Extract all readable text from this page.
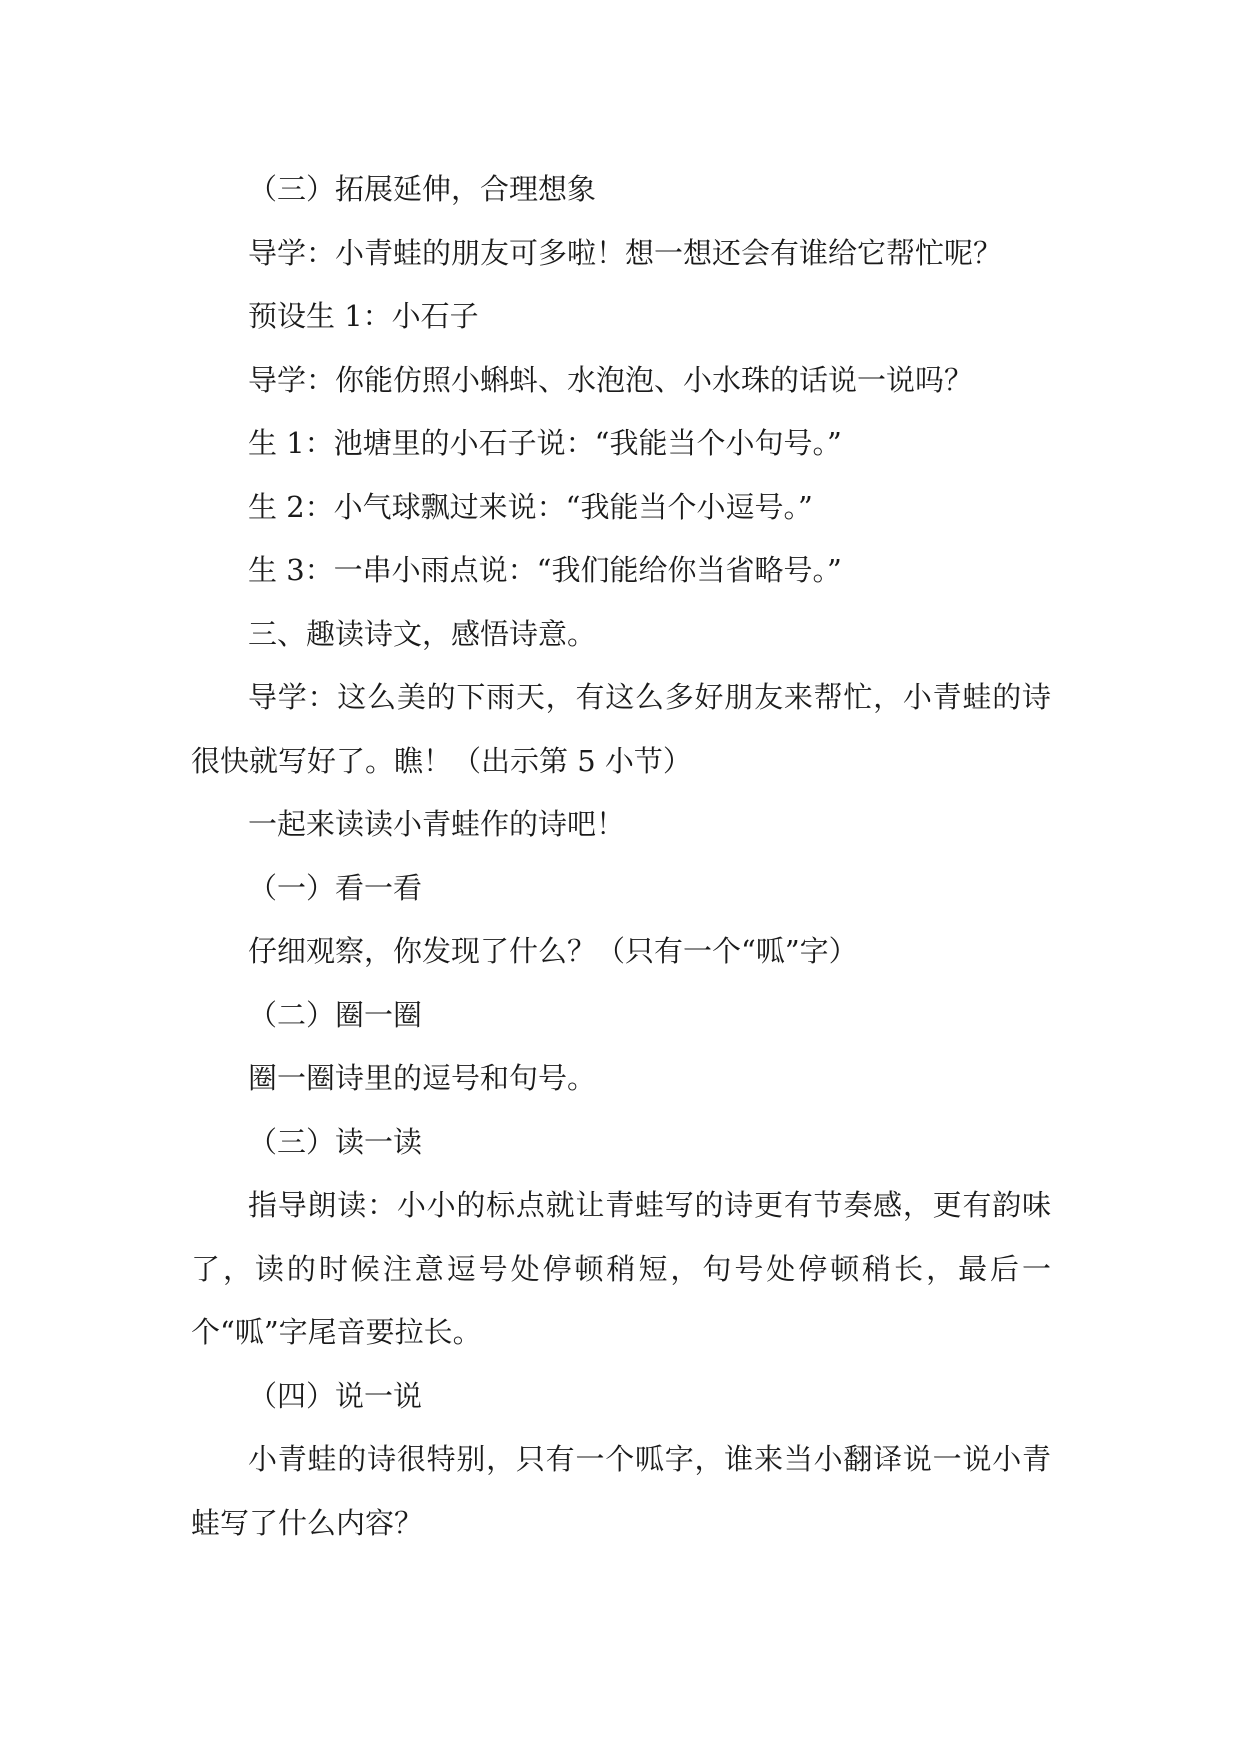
（三）拓展延伸，合理想象

导学：小青蛙的朋友可多啦！想一想还会有谁给它帮忙呢？

预设生 1：小石子

导学：你能仿照小蝌蚪、水泡泡、小水珠的话说一说吗？

生 1：池塘里的小石子说：“我能当个小句号。”

生 2：小气球飘过来说：“我能当个小逗号。”

生 3：一串小雨点说：“我们能给你当省略号。”

三、趣读诗文，感悟诗意。

导学：这么美的下雨天，有这么多好朋友来帮忙，小青蛙的诗很快就写好了。瞧！（出示第 5 小节）

一起来读读小青蛙作的诗吧！

（一）看一看

仔细观察，你发现了什么？（只有一个“呱”字）

（二）圈一圈

圈一圈诗里的逗号和句号。

（三）读一读

指导朗读：小小的标点就让青蛙写的诗更有节奏感，更有韵味了，读的时候注意逗号处停顿稍短，句号处停顿稍长，最后一个“呱”字尾音要拉长。

（四）说一说

小青蛙的诗很特别，只有一个呱字，谁来当小翻译说一说小青蛙写了什么内容？
